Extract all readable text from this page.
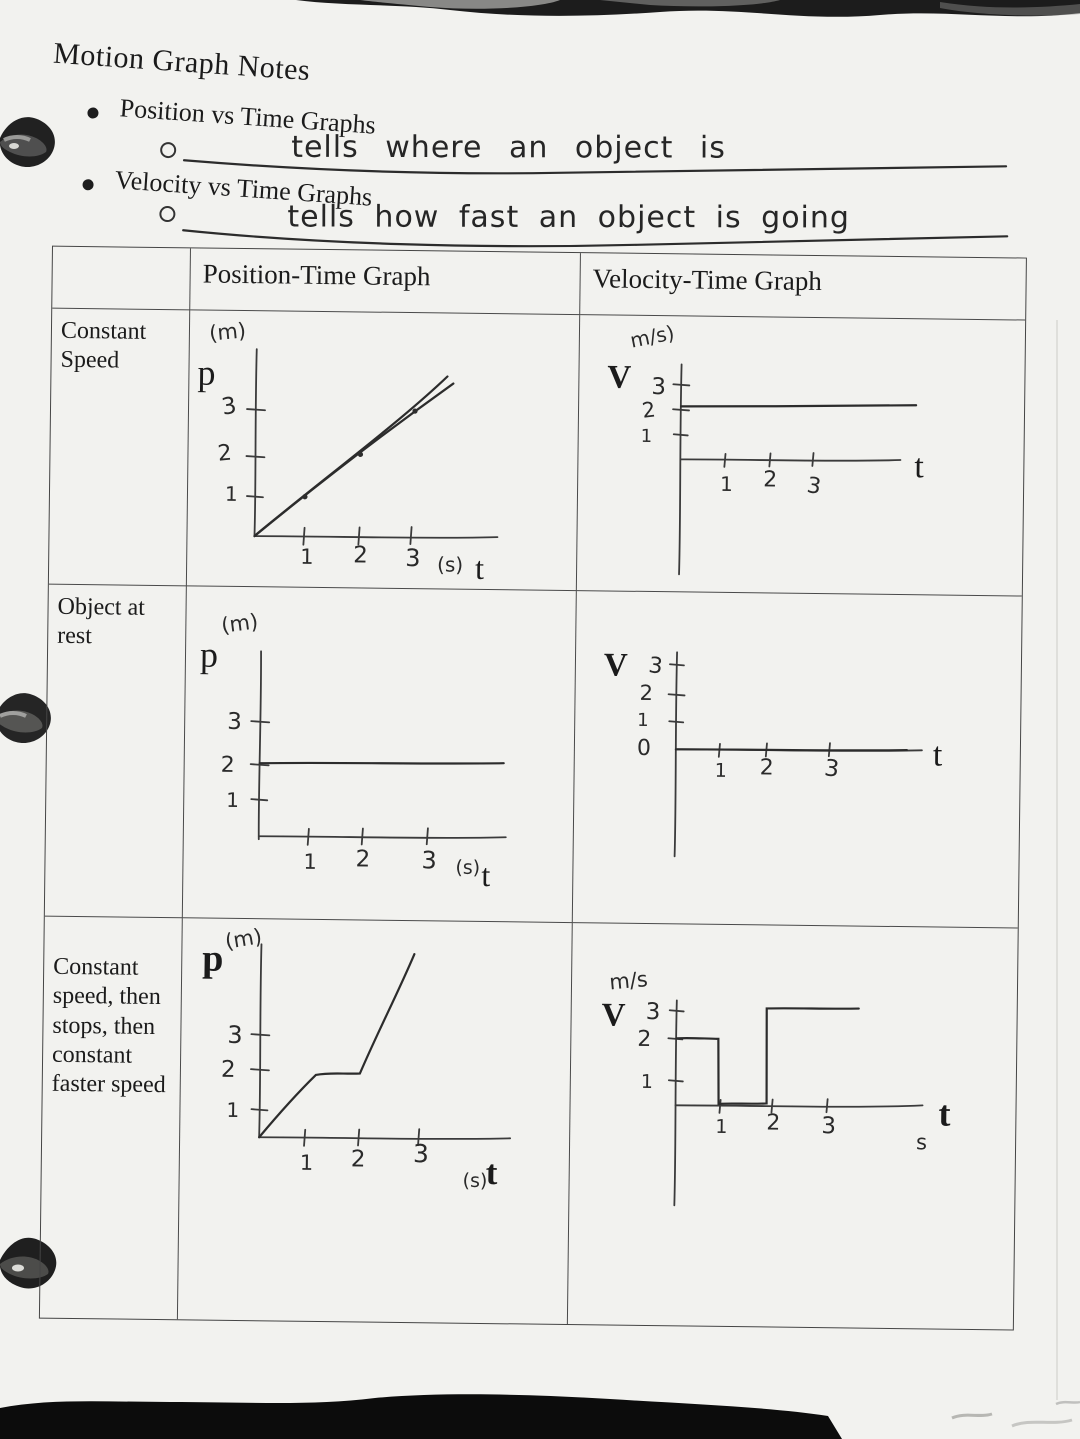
Motion Graph Notes
Position vs Time Graphs
Velocity vs Time Graphs
tells where an object is
tells how fast an object is going
Position-Time Graph	Velocity-Time Graph
Constant Speed
(m)
p
3
2
1
1 2 3 (s) t
m/s)
V 3
2
1
1 2 3
t
Object at rest	p
(m)
3
2
1
1 2 3 (s) t
V 3
2
1
0
1 2 3	t
Constant speed, then stops, then constant faster speed
p (m)
3
2
1
1 2 3
(s)
t
m/s
V 3
2
1
1 2 3
s
t
